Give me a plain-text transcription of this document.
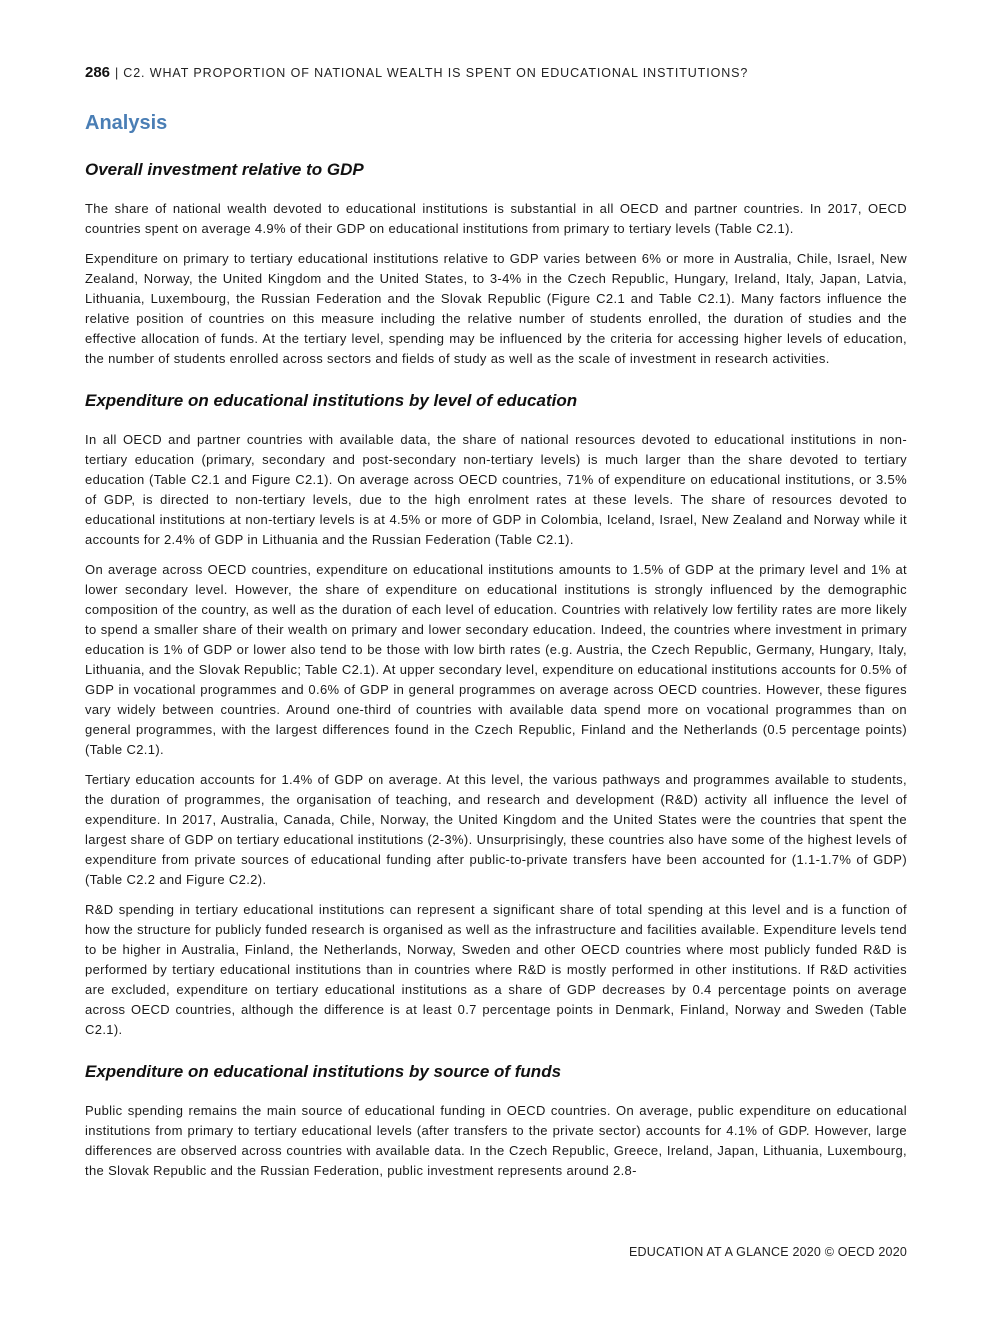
286 | C2. WHAT PROPORTION OF NATIONAL WEALTH IS SPENT ON EDUCATIONAL INSTITUTIONS?
Analysis
Overall investment relative to GDP

The share of national wealth devoted to educational institutions is substantial in all OECD and partner countries. In 2017, OECD countries spent on average 4.9% of their GDP on educational institutions from primary to tertiary levels (Table C2.1).

Expenditure on primary to tertiary educational institutions relative to GDP varies between 6% or more in Australia, Chile, Israel, New Zealand, Norway, the United Kingdom and the United States, to 3-4% in the Czech Republic, Hungary, Ireland, Italy, Japan, Latvia, Lithuania, Luxembourg, the Russian Federation and the Slovak Republic (Figure C2.1 and Table C2.1). Many factors influence the relative position of countries on this measure including the relative number of students enrolled, the duration of studies and the effective allocation of funds. At the tertiary level, spending may be influenced by the criteria for accessing higher levels of education, the number of students enrolled across sectors and fields of study as well as the scale of investment in research activities.

Expenditure on educational institutions by level of education

In all OECD and partner countries with available data, the share of national resources devoted to educational institutions in non-tertiary education (primary, secondary and post-secondary non-tertiary levels) is much larger than the share devoted to tertiary education (Table C2.1 and Figure C2.1). On average across OECD countries, 71% of expenditure on educational institutions, or 3.5% of GDP, is directed to non-tertiary levels, due to the high enrolment rates at these levels. The share of resources devoted to educational institutions at non-tertiary levels is at 4.5% or more of GDP in Colombia, Iceland, Israel, New Zealand and Norway while it accounts for 2.4% of GDP in Lithuania and the Russian Federation (Table C2.1).

On average across OECD countries, expenditure on educational institutions amounts to 1.5% of GDP at the primary level and 1% at lower secondary level. However, the share of expenditure on educational institutions is strongly influenced by the demographic composition of the country, as well as the duration of each level of education. Countries with relatively low fertility rates are more likely to spend a smaller share of their wealth on primary and lower secondary education. Indeed, the countries where investment in primary education is 1% of GDP or lower also tend to be those with low birth rates (e.g. Austria, the Czech Republic, Germany, Hungary, Italy, Lithuania, and the Slovak Republic; Table C2.1). At upper secondary level, expenditure on educational institutions accounts for 0.5% of GDP in vocational programmes and 0.6% of GDP in general programmes on average across OECD countries. However, these figures vary widely between countries. Around one-third of countries with available data spend more on vocational programmes than on general programmes, with the largest differences found in the Czech Republic, Finland and the Netherlands (0.5 percentage points) (Table C2.1).

Tertiary education accounts for 1.4% of GDP on average. At this level, the various pathways and programmes available to students, the duration of programmes, the organisation of teaching, and research and development (R&D) activity all influence the level of expenditure. In 2017, Australia, Canada, Chile, Norway, the United Kingdom and the United States were the countries that spent the largest share of GDP on tertiary educational institutions (2-3%). Unsurprisingly, these countries also have some of the highest levels of expenditure from private sources of educational funding after public-to-private transfers have been accounted for (1.1-1.7% of GDP) (Table C2.2 and Figure C2.2).

R&D spending in tertiary educational institutions can represent a significant share of total spending at this level and is a function of how the structure for publicly funded research is organised as well as the infrastructure and facilities available. Expenditure levels tend to be higher in Australia, Finland, the Netherlands, Norway, Sweden and other OECD countries where most publicly funded R&D is performed by tertiary educational institutions than in countries where R&D is mostly performed in other institutions. If R&D activities are excluded, expenditure on tertiary educational institutions as a share of GDP decreases by 0.4 percentage points on average across OECD countries, although the difference is at least 0.7 percentage points in Denmark, Finland, Norway and Sweden (Table C2.1).

Expenditure on educational institutions by source of funds

Public spending remains the main source of educational funding in OECD countries. On average, public expenditure on educational institutions from primary to tertiary educational levels (after transfers to the private sector) accounts for 4.1% of GDP. However, large differences are observed across countries with available data. In the Czech Republic, Greece, Ireland, Japan, Lithuania, Luxembourg, the Slovak Republic and the Russian Federation, public investment represents around 2.8-

EDUCATION AT A GLANCE 2020 © OECD 2020
